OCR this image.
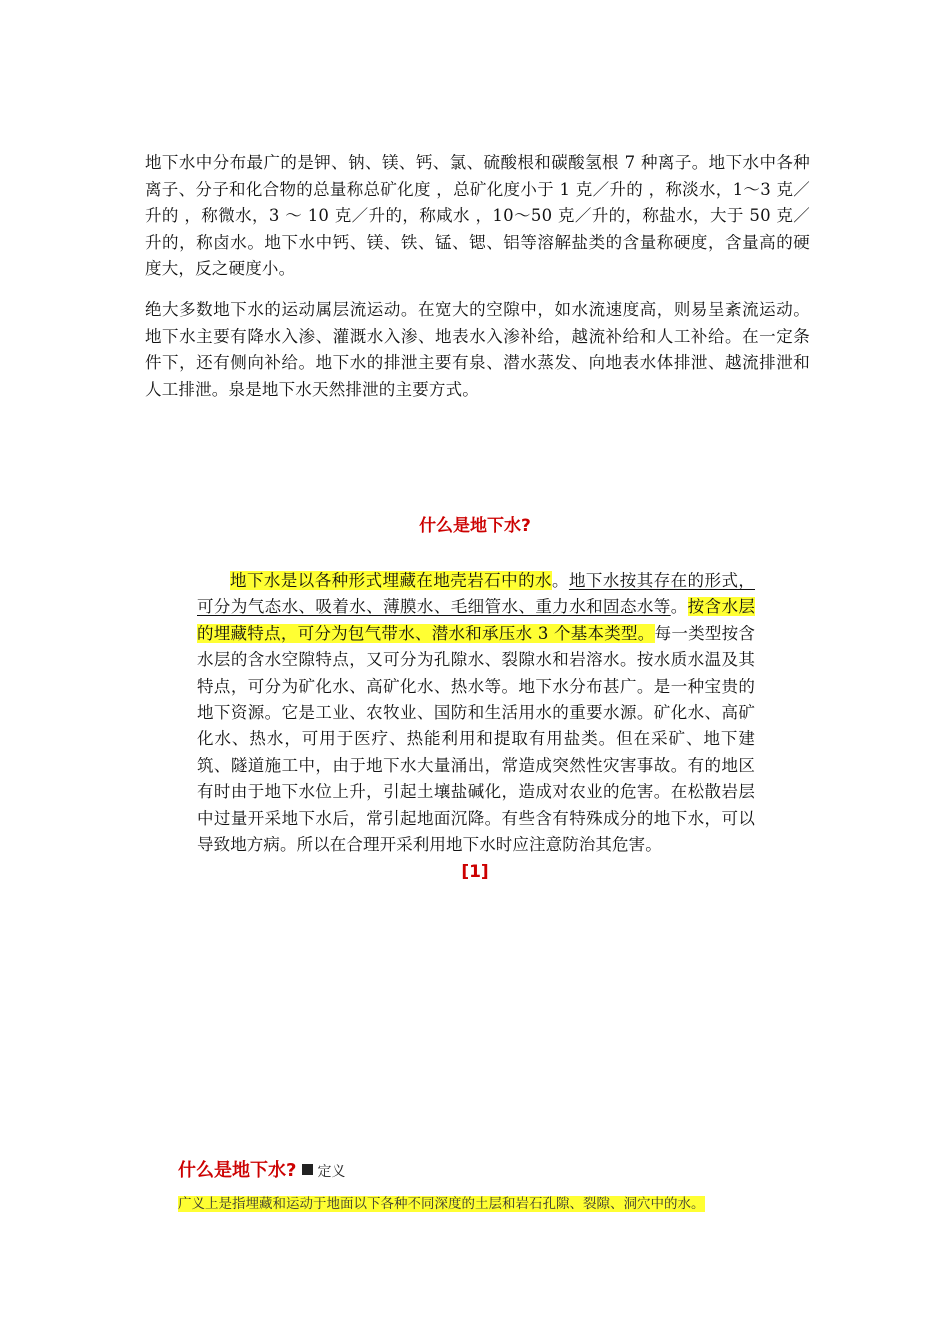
地下水中分布最广的是钾、钠、镁、钙、氯、硫酸根和碳酸氢根 7 种离子。地下水中各种离子、分子和化合物的总量称总矿化度 ，总矿化度小于 1 克／升的 ，称淡水，1～3 克／升的 ，称微水，3 ～ 10 克／升的，称咸水 ，10～50 克／升的，称盐水，大于 50 克／升的，称卤水。地下水中钙、镁、铁、锰、锶、铝等溶解盐类的含量称硬度，含量高的硬度大，反之硬度小。
绝大多数地下水的运动属层流运动。在宽大的空隙中，如水流速度高，则易呈紊流运动。地下水主要有降水入渗、灌溉水入渗、地表水入渗补给，越流补给和人工补给。在一定条件下，还有侧向补给。地下水的排泄主要有泉、潜水蒸发、向地表水体排泄、越流排泄和人工排泄。泉是地下水天然排泄的主要方式。
什么是地下水?
地下水是以各种形式埋藏在地壳岩石中的水。地下水按其存在的形式，可分为气态水、吸着水、薄膜水、毛细管水、重力水和固态水等。按含水层的埋藏特点，可分为包气带水、潜水和承压水 3 个基本类型。每一类型按含水层的含水空隙特点，又可分为孔隙水、裂隙水和岩溶水。按水质水温及其特点，可分为矿化水、高矿化水、热水等。地下水分布甚广。是一种宝贵的地下资源。它是工业、农牧业、国防和生活用水的重要水源。矿化水、高矿化水、热水，可用于医疗、热能利用和提取有用盐类。但在采矿、地下建筑、隧道施工中，由于地下水大量涌出，常造成突然性灾害事故。有的地区有时由于地下水位上升，引起土壤盐碱化，造成对农业的危害。在松散岩层中过量开采地下水后，常引起地面沉降。有些含有特殊成分的地下水，可以导致地方病。所以在合理开采利用地下水时应注意防治其危害。
[1]
什么是地下水? 定义
广义上是指埋藏和运动于地面以下各种不同深度的土层和岩石孔隙、裂隙、洞穴中的水。
